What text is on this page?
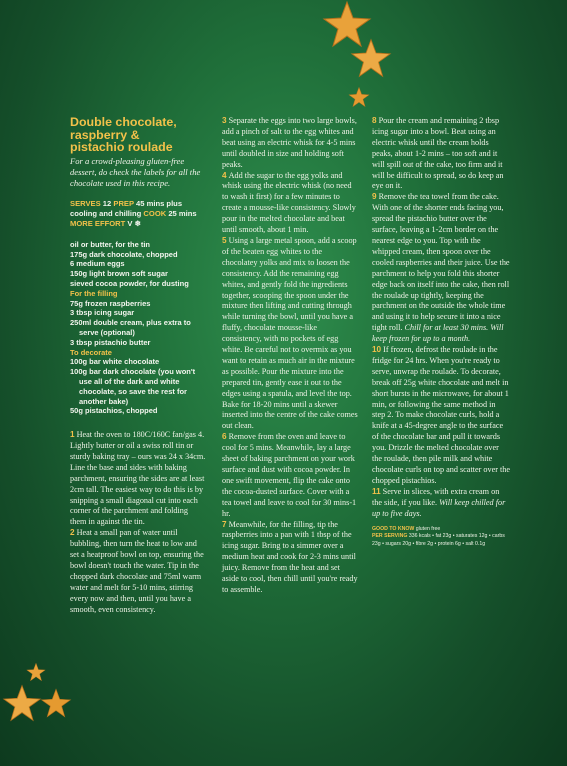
Double chocolate,
raspberry &
pistachio roulade
For a crowd-pleasing gluten-free dessert, do check the labels for all the chocolate used in this recipe.
SERVES 12 PREP 45 mins plus cooling and chilling COOK 25 mins
MORE EFFORT V ❄
oil or butter, for the tin
175g dark chocolate, chopped
6 medium eggs
150g light brown soft sugar
sieved cocoa powder, for dusting
For the filling
75g frozen raspberries
3 tbsp icing sugar
250ml double cream, plus extra to serve (optional)
3 tbsp pistachio butter
To decorate
100g bar white chocolate
100g bar dark chocolate (you won't use all of the dark and white chocolate, so save the rest for another bake)
50g pistachios, chopped

1 Heat the oven to 180C/160C fan/gas 4. Lightly butter or oil a swiss roll tin or sturdy baking tray – ours was 24 x 34cm. Line the base and sides with baking parchment, ensuring the sides are at least 2cm tall. The easiest way to do this is by snipping a small diagonal cut into each corner of the parchment and folding them in against the tin.

2 Heat a small pan of water until bubbling, then turn the heat to low and set a heatproof bowl on top, ensuring the bowl doesn't touch the water. Tip in the chopped dark chocolate and 75ml warm water and melt for 5-10 mins, stirring every now and then, until you have a smooth, even consistency.

3 Separate the eggs into two large bowls, add a pinch of salt to the egg whites and beat using an electric whisk for 4-5 mins until doubled in size and holding soft peaks.

4 Add the sugar to the egg yolks and whisk using the electric whisk (no need to wash it first) for a few minutes to create a mousse-like consistency. Slowly pour in the melted chocolate and beat until smooth, about 1 min.

5 Using a large metal spoon, add a scoop of the beaten egg whites to the chocolatey yolks and mix to loosen the consistency. Add the remaining egg whites, and gently fold the ingredients together, scooping the spoon under the mixture then lifting and cutting through while turning the bowl, until you have a fluffy, chocolate mousse-like consistency, with no pockets of egg white. Be careful not to overmix as you want to retain as much air in the mixture as possible. Pour the mixture into the prepared tin, gently ease it out to the edges using a spatula, and level the top. Bake for 18-20 mins until a skewer inserted into the centre of the cake comes out clean.

6 Remove from the oven and leave to cool for 5 mins. Meanwhile, lay a large sheet of baking parchment on your work surface and dust with cocoa powder. In one swift movement, flip the cake onto the cocoa-dusted surface. Cover with a tea towel and leave to cool for 30 mins-1 hr.

7 Meanwhile, for the filling, tip the raspberries into a pan with 1 tbsp of the icing sugar. Bring to a simmer over a medium heat and cook for 2-3 mins until juicy. Remove from the heat and set aside to cool, then chill until you're ready to assemble.

8 Pour the cream and remaining 2 tbsp icing sugar into a bowl. Beat using an electric whisk until the cream holds peaks, about 1-2 mins – too soft and it will spill out of the cake, too firm and it will be difficult to spread, so do keep an eye on it.

9 Remove the tea towel from the cake. With one of the shorter ends facing you, spread the pistachio butter over the surface, leaving a 1-2cm border on the nearest edge to you. Top with the whipped cream, then spoon over the cooled raspberries and their juice. Use the parchment to help you fold this shorter edge back on itself into the cake, then roll the roulade up tightly, keeping the parchment on the outside the whole time and using it to help secure it into a nice tight roll. Chill for at least 30 mins. Will keep frozen for up to a month.

10 If frozen, defrost the roulade in the fridge for 24 hrs. When you're ready to serve, unwrap the roulade. To decorate, break off 25g white chocolate and melt in short bursts in the microwave, for about 1 min, or following the same method in step 2. To make chocolate curls, hold a knife at a 45-degree angle to the surface of the chocolate bar and pull it towards you. Drizzle the melted chocolate over the roulade, then pile milk and white chocolate curls on top and scatter over the chopped pistachios.

11 Serve in slices, with extra cream on the side, if you like. Will keep chilled for up to five days.

GOOD TO KNOW gluten free
PER SERVING 336 kcals • fat 23g • saturates 12g • carbs 23g • sugars 20g • fibre 2g • protein 6g • salt 0.1g
